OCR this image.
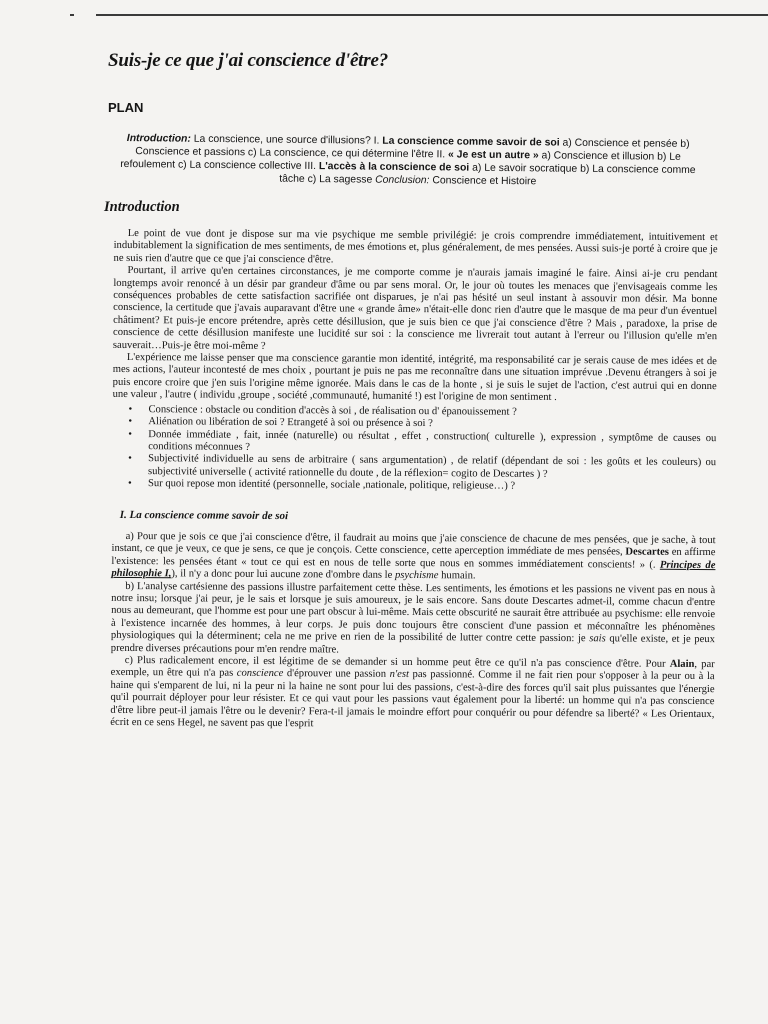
Suis-je ce que j'ai conscience d'être?
PLAN
Introduction: La conscience, une source d'illusions? I. La conscience comme savoir de soi a) Conscience et pensée b) Conscience et passions c) La conscience, ce qui détermine l'être II. « Je est un autre » a) Conscience et illusion b) Le refoulement c) La conscience collective III. L'accès à la conscience de soi a) Le savoir socratique b) La conscience comme tâche c) La sagesse Conclusion: Conscience et Histoire
Introduction

Le point de vue dont je dispose sur ma vie psychique me semble privilégié: je crois comprendre immédiatement, intuitivement et indubitablement la signification de mes sentiments, de mes émotions et, plus généralement, de mes pensées. Aussi suis-je porté à croire que je ne suis rien d'autre que ce que j'ai conscience d'être.

Pourtant, il arrive qu'en certaines circonstances, je me comporte comme je n'aurais jamais imaginé le faire. Ainsi ai-je cru pendant longtemps avoir renoncé à un désir par grandeur d'âme ou par sens moral. Or, le jour où toutes les menaces que j'envisageais comme les conséquences probables de cette satisfaction sacrifiée ont disparues, je n'ai pas hésité un seul instant à assouvir mon désir. Ma bonne conscience, la certitude que j'avais auparavant d'être une « grande âme» n'était-elle donc rien d'autre que le masque de ma peur d'un éventuel châtiment? Et puis-je encore prétendre, après cette désillusion, que je suis bien ce que j'ai conscience d'être ? Mais , paradoxe, la prise de conscience de cette désillusion manifeste une lucidité sur soi : la conscience me livrerait tout autant à l'erreur ou l'illusion qu'elle m'en sauverait…Puis-je être moi-même ?

L'expérience me laisse penser que ma conscience garantie mon identité, intégrité, ma responsabilité car je serais cause de mes idées et de mes actions, l'auteur incontesté de mes choix , pourtant je puis ne pas me reconnaître dans une situation imprévue .Devenu étrangers à soi je puis encore croire que j'en suis l'origine même ignorée. Mais dans le cas de la honte , si je suis le sujet de l'action, c'est autrui qui en donne une valeur , l'autre ( individu ,groupe , société ,communauté, humanité !) est l'origine de mon sentiment .

• Conscience : obstacle ou condition d'accès à soi , de réalisation ou d' épanouissement ?
• Aliénation ou libération de soi ? Etrangeté à soi ou présence à soi ?
• Donnée immédiate , fait, innée (naturelle) ou résultat , effet , construction( culturelle ), expression , symptôme de causes ou conditions méconnues ?
• Subjectivité individuelle au sens de arbitraire ( sans argumentation) , de relatif (dépendant de soi : les goûts et les couleurs) ou subjectivité universelle ( activité rationnelle du doute , de la réflexion= cogito de Descartes ) ?
• Sur quoi repose mon identité (personnelle, sociale ,nationale, politique, religieuse…) ?
I. La conscience comme savoir de soi

a) Pour que je sois ce que j'ai conscience d'être, il faudrait au moins que j'aie conscience de chacune de mes pensées, que je sache, à tout instant, ce que je veux, ce que je sens, ce que je conçois. Cette conscience, cette aperception immédiate de mes pensées, Descartes en affirme l'existence: les pensées étant « tout ce qui est en nous de telle sorte que nous en sommes immédiatement conscients! » (. Principes de philosophie I,), il n'y a donc pour lui aucune zone d'ombre dans le psychisme humain.

b) L'analyse cartésienne des passions illustre parfaitement cette thèse. Les sentiments, les émotions et les passions ne vivent pas en nous à notre insu; lorsque j'ai peur, je le sais et lorsque je suis amoureux, je le sais encore. Sans doute Descartes admet-il, comme chacun d'entre nous au demeurant, que l'homme est pour une part obscur à lui-même. Mais cette obscurité ne saurait être attribuée au psychisme: elle renvoie à l'existence incarnée des hommes, à leur corps. Je puis donc toujours être conscient d'une passion et méconnaître les phénomènes physiologiques qui la déterminent; cela ne me prive en rien de la possibilité de lutter contre cette passion: je sais qu'elle existe, et je peux prendre diverses précautions pour m'en rendre maître.

c) Plus radicalement encore, il est légitime de se demander si un homme peut être ce qu'il n'a pas conscience d'être. Pour Alain, par exemple, un être qui n'a pas conscience d'éprouver une passion n'est pas passionné. Comme il ne fait rien pour s'opposer à la peur ou à la haine qui s'emparent de lui, ni la peur ni la haine ne sont pour lui des passions, c'est-à-dire des forces qu'il sait plus puissantes que l'énergie qu'il pourrait déployer pour leur résister. Et ce qui vaut pour les passions vaut également pour la liberté: un homme qui n'a pas conscience d'être libre peut-il jamais l'être ou le devenir? Fera-t-il jamais le moindre effort pour conquérir ou pour défendre sa liberté? « Les Orientaux, écrit en ce sens Hegel, ne savent pas que l'esprit
